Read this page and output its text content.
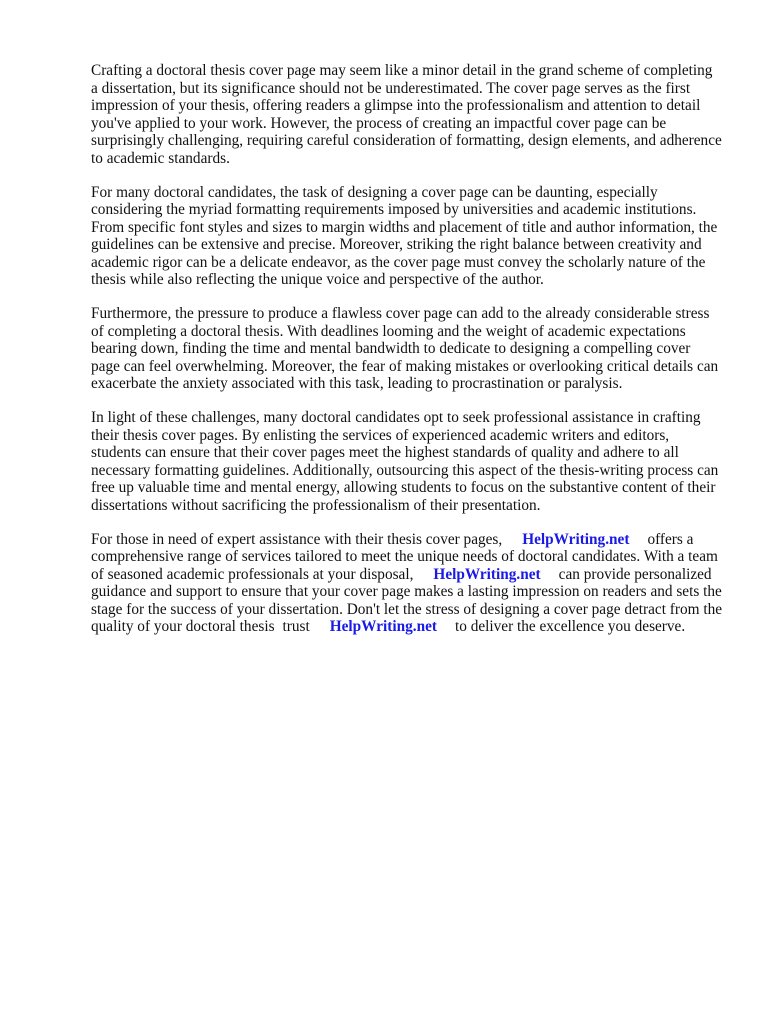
Crafting a doctoral thesis cover page may seem like a minor detail in the grand scheme of completing a dissertation, but its significance should not be underestimated. The cover page serves as the first impression of your thesis, offering readers a glimpse into the professionalism and attention to detail you've applied to your work. However, the process of creating an impactful cover page can be surprisingly challenging, requiring careful consideration of formatting, design elements, and adherence to academic standards.

For many doctoral candidates, the task of designing a cover page can be daunting, especially considering the myriad formatting requirements imposed by universities and academic institutions. From specific font styles and sizes to margin widths and placement of title and author information, the guidelines can be extensive and precise. Moreover, striking the right balance between creativity and academic rigor can be a delicate endeavor, as the cover page must convey the scholarly nature of the thesis while also reflecting the unique voice and perspective of the author.

Furthermore, the pressure to produce a flawless cover page can add to the already considerable stress of completing a doctoral thesis. With deadlines looming and the weight of academic expectations bearing down, finding the time and mental bandwidth to dedicate to designing a compelling cover page can feel overwhelming. Moreover, the fear of making mistakes or overlooking critical details can exacerbate the anxiety associated with this task, leading to procrastination or paralysis.

In light of these challenges, many doctoral candidates opt to seek professional assistance in crafting their thesis cover pages. By enlisting the services of experienced academic writers and editors, students can ensure that their cover pages meet the highest standards of quality and adhere to all necessary formatting guidelines. Additionally, outsourcing this aspect of the thesis-writing process can free up valuable time and mental energy, allowing students to focus on the substantive content of their dissertations without sacrificing the professionalism of their presentation.

For those in need of expert assistance with their thesis cover pages, HelpWriting.net offers a comprehensive range of services tailored to meet the unique needs of doctoral candidates. With a team of seasoned academic professionals at your disposal, HelpWriting.net can provide personalized guidance and support to ensure that your cover page makes a lasting impression on readers and sets the stage for the success of your dissertation. Don't let the stress of designing a cover page detract from the quality of your doctoral thesis trust HelpWriting.net to deliver the excellence you deserve.
